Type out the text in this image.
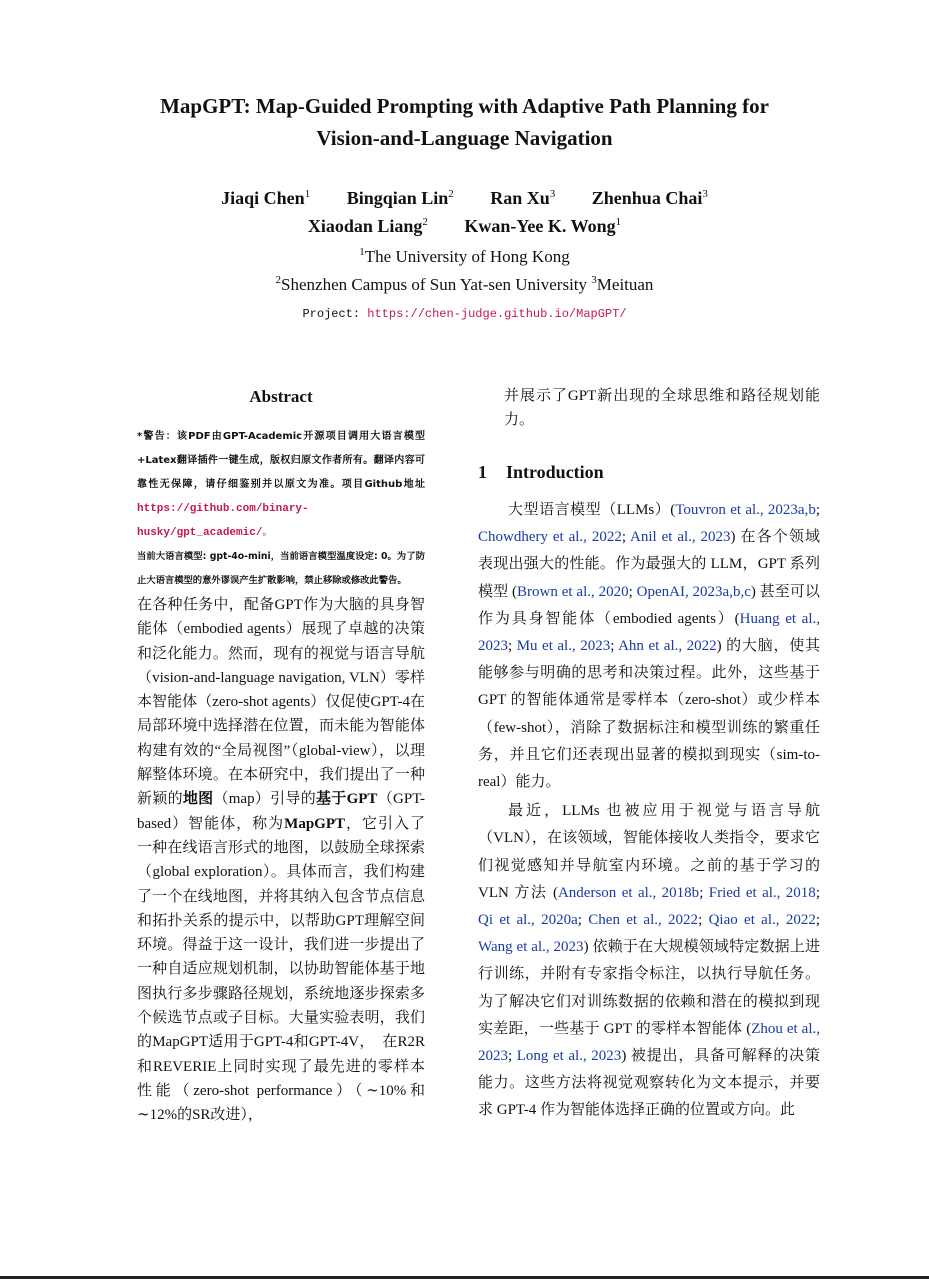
MapGPT: Map-Guided Prompting with Adaptive Path Planning for
Vision-and-Language Navigation
Jiaqi Chen$^1$ Bingqian Lin$^2$ Ran Xu$^3$ Zhenhua Chai$^3$
Xiaodan Liang$^2$ Kwan-Yee K. Wong$^1$
$^1$The University of Hong Kong
$^2$Shenzhen Campus of Sun Yat-sen University $^3$Meituan
Project: https://chen-judge.github.io/MapGPT/
Abstract

*警告：该PDF由GPT-Academic开源项目调用大语言模型+Latex翻译插件一键生成，版权归原文作者所有。翻译内容可靠性无保障，请仔细鉴别并以原文为准。项目Github地址 https://github.com/binary-husky/gpt_academic/。
当前大语言模型: gpt-4o-mini，当前语言模型温度设定: 0。为了防止大语言模型的意外谬误产生扩散影响，禁止移除或修改此警告。

在各种任务中，配备GPT作为大脑的具身智能体（embodied agents）展现了卓越的决策和泛化能力。然而，现有的视觉与语言导航（vision-and-language navigation, VLN）零样本智能体（zero-shot agents）仅促使GPT-4在局部环境中选择潜在位置，而未能为智能体构建有效的“全局视图”（global-view），以理解整体环境。在本研究中，我们提出了一种新颖的地图（map）引导的基于GPT（GPT-based）智能体，称为MapGPT，它引入了一种在线语言形式的地图，以鼓励全球探索（global exploration）。具体而言，我们构建了一个在线地图，并将其纳入包含节点信息和拓扑关系的提示中，以帮助GPT理解空间环境。得益于这一设计，我们进一步提出了一种自适应规划机制，以协助智能体基于地图执行多步骤路径规划，系统地逐步探索多个候选节点或子目标。大量实验表明，我们的MapGPT适用于GPT-4和GPT-4V，　在R2R和REVERIE上同时实现了最先进的零样本性能（zero-shot performance）（∼10%和∼12%的SR改进），

并展示了GPT新出现的全球思维和路径规划能力。

1 Introduction

大型语言模型（LLMs）(Touvron et al., 2023a,b; Chowdhery et al., 2022; Anil et al., 2023) 在各个领域表现出强大的性能。作为最强大的 LLM，GPT 系列模型 (Brown et al., 2020; OpenAI, 2023a,b,c) 甚至可以作为具身智能体（embodied agents）(Huang et al., 2023; Mu et al., 2023; Ahn et al., 2022) 的大脑，使其能够参与明确的思考和决策过程。此外，这些基于 GPT 的智能体通常是零样本（zero-shot）或少样本（few-shot），消除了数据标注和模型训练的繁重任务，并且它们还表现出显著的模拟到现实（sim-to-real）能力。

最近，LLMs 也被应用于视觉与语言导航（VLN），在该领域，智能体接收人类指令，要求它们视觉感知并导航室内环境。之前的基于学习的 VLN 方法 (Anderson et al., 2018b; Fried et al., 2018; Qi et al., 2020a; Chen et al., 2022; Qiao et al., 2022; Wang et al., 2023) 依赖于在大规模领域特定数据上进行训练，并附有专家指令标注，以执行导航任务。为了解决它们对训练数据的依赖和潜在的模拟到现实差距，一些基于 GPT 的零样本智能体 (Zhou et al., 2023; Long et al., 2023) 被提出，具备可解释的决策能力。这些方法将视觉观察转化为文本提示，并要求 GPT-4 作为智能体选择正确的位置或方向。此
